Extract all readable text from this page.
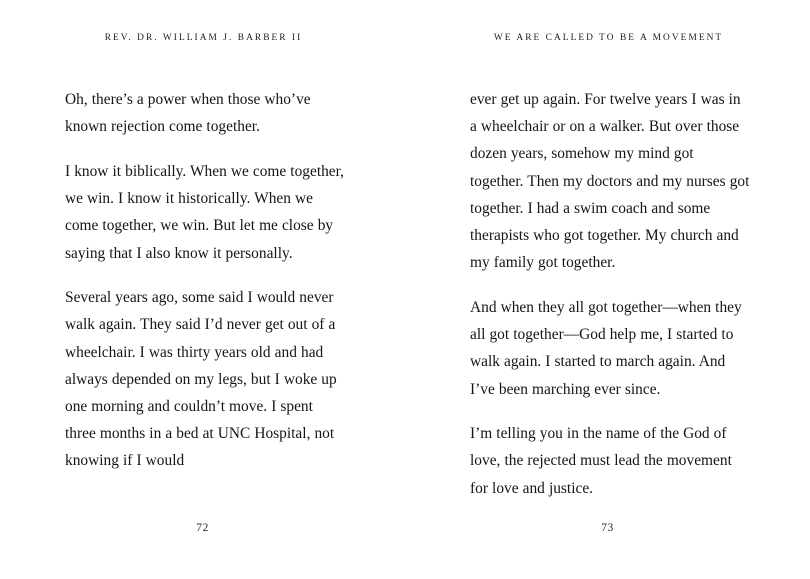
REV. DR. WILLIAM J. BARBER II

Oh, there’s a power when those who’ve known rejection come together.

I know it biblically. When we come together, we win. I know it historically. When we come together, we win. But let me close by saying that I also know it personally.

Several years ago, some said I would never walk again. They said I’d never get out of a wheelchair. I was thirty years old and had always depended on my legs, but I woke up one morning and couldn’t move. I spent three months in a bed at UNC Hospital, not knowing if I would

72
WE ARE CALLED TO BE A MOVEMENT

ever get up again. For twelve years I was in a wheelchair or on a walker. But over those dozen years, somehow my mind got together. Then my doctors and my nurses got together. I had a swim coach and some therapists who got together. My church and my family got together.

And when they all got together—when they all got together—God help me, I started to walk again. I started to march again. And I’ve been marching ever since.

I’m telling you in the name of the God of love, the rejected must lead the movement for love and justice.

73
